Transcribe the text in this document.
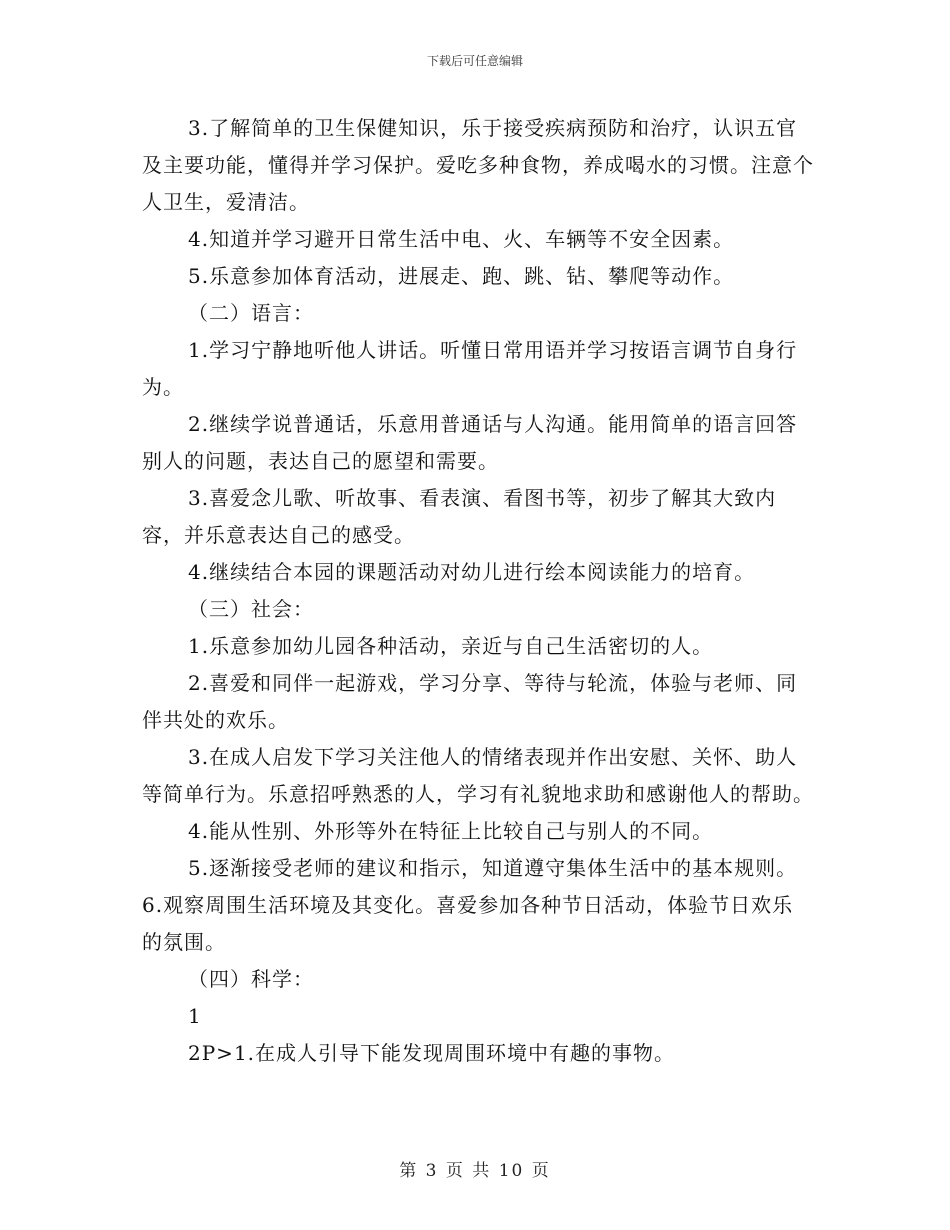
下载后可任意编辑

3.了解简单的卫生保健知识，乐于接受疾病预防和治疗，认识五官及主要功能，懂得并学习保护。爱吃多种食物，养成喝水的习惯。注意个人卫生，爱清洁。

4.知道并学习避开日常生活中电、火、车辆等不安全因素。

5.乐意参加体育活动，进展走、跑、跳、钻、攀爬等动作。

（二）语言：

1.学习宁静地听他人讲话。听懂日常用语并学习按语言调节自身行为。

2.继续学说普通话，乐意用普通话与人沟通。能用简单的语言回答别人的问题，表达自己的愿望和需要。

3.喜爱念儿歌、听故事、看表演、看图书等，初步了解其大致内容，并乐意表达自己的感受。

4.继续结合本园的课题活动对幼儿进行绘本阅读能力的培育。

（三）社会：

1.乐意参加幼儿园各种活动，亲近与自己生活密切的人。

2.喜爱和同伴一起游戏，学习分享、等待与轮流，体验与老师、同伴共处的欢乐。

3.在成人启发下学习关注他人的情绪表现并作出安慰、关怀、助人等简单行为。乐意招呼熟悉的人，学习有礼貌地求助和感谢他人的帮助。

4.能从性别、外形等外在特征上比较自己与别人的不同。

5.逐渐接受老师的建议和指示，知道遵守集体生活中的基本规则。

6.观察周围生活环境及其变化。喜爱参加各种节日活动，体验节日欢乐的氛围。

（四）科学：

1

2P>1.在成人引导下能发现周围环境中有趣的事物。

第 3 页 共 10 页
